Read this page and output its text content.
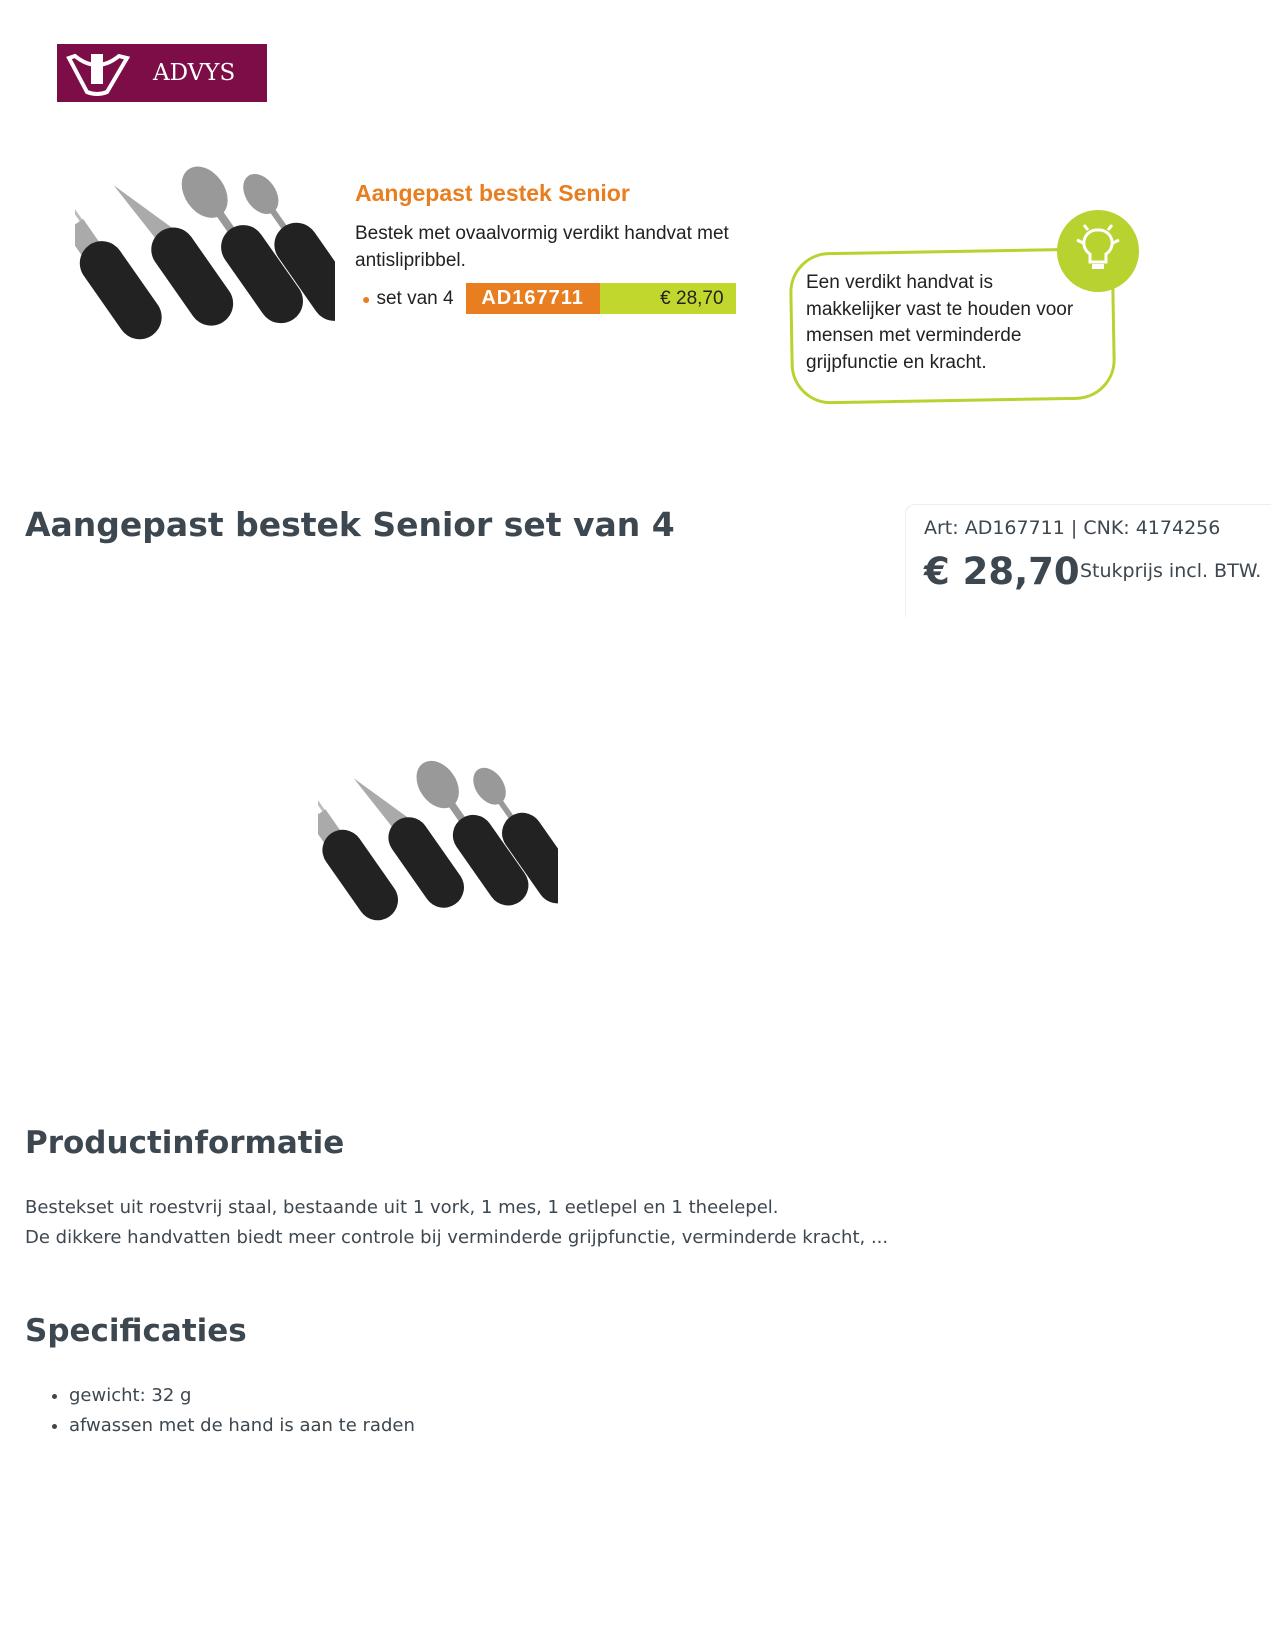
ADVYS
Aangepast bestek Senior
Bestek met ovaalvormig verdikt handvat met antislipribbel.
● set van 4	AD167711	€ 28,70
Een verdikt handvat is makkelijker vast te houden voor mensen met verminderde grijpfunctie en kracht.
Aangepast bestek Senior set van 4	Art: AD167711 | CNK: 4174256
€ 28,70 Stukprijs incl. BTW.
Productinformatie
Bestekset uit roestvrij staal, bestaande uit 1 vork, 1 mes, 1 eetlepel en 1 theelepel.
De dikkere handvatten biedt meer controle bij verminderde grijpfunctie, verminderde kracht, ...
Specificaties
• gewicht: 32 g
• afwassen met de hand is aan te raden
